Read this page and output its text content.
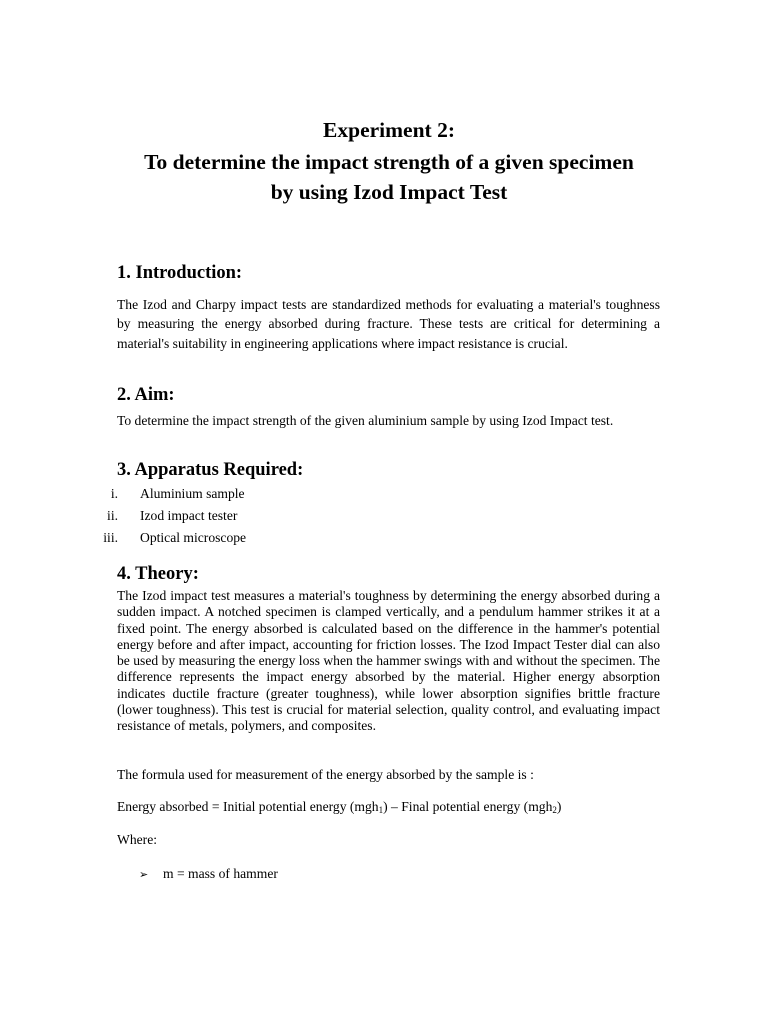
Experiment 2:
To determine the impact strength of a given specimen
by using Izod Impact Test
1. Introduction:
The Izod and Charpy impact tests are standardized methods for evaluating a material's toughness by measuring the energy absorbed during fracture. These tests are critical for determining a material's suitability in engineering applications where impact resistance is crucial.
2. Aim:
To determine the impact strength of the given aluminium sample by using Izod Impact test.
3. Apparatus Required:
i. Aluminium sample
ii. Izod impact tester
iii. Optical microscope
4. Theory:
The Izod impact test measures a material's toughness by determining the energy absorbed during a sudden impact. A notched specimen is clamped vertically, and a pendulum hammer strikes it at a fixed point. The energy absorbed is calculated based on the difference in the hammer's potential energy before and after impact, accounting for friction losses. The Izod Impact Tester dial can also be used by measuring the energy loss when the hammer swings with and without the specimen. The difference represents the impact energy absorbed by the material. Higher energy absorption indicates ductile fracture (greater toughness), while lower absorption signifies brittle fracture (lower toughness). This test is crucial for material selection, quality control, and evaluating impact resistance of metals, polymers, and composites.
The formula used for measurement of the energy absorbed by the sample is :
Energy absorbed = Initial potential energy (mgh$_1$) – Final potential energy (mgh$_2$)
Where:
➢ m = mass of hammer
